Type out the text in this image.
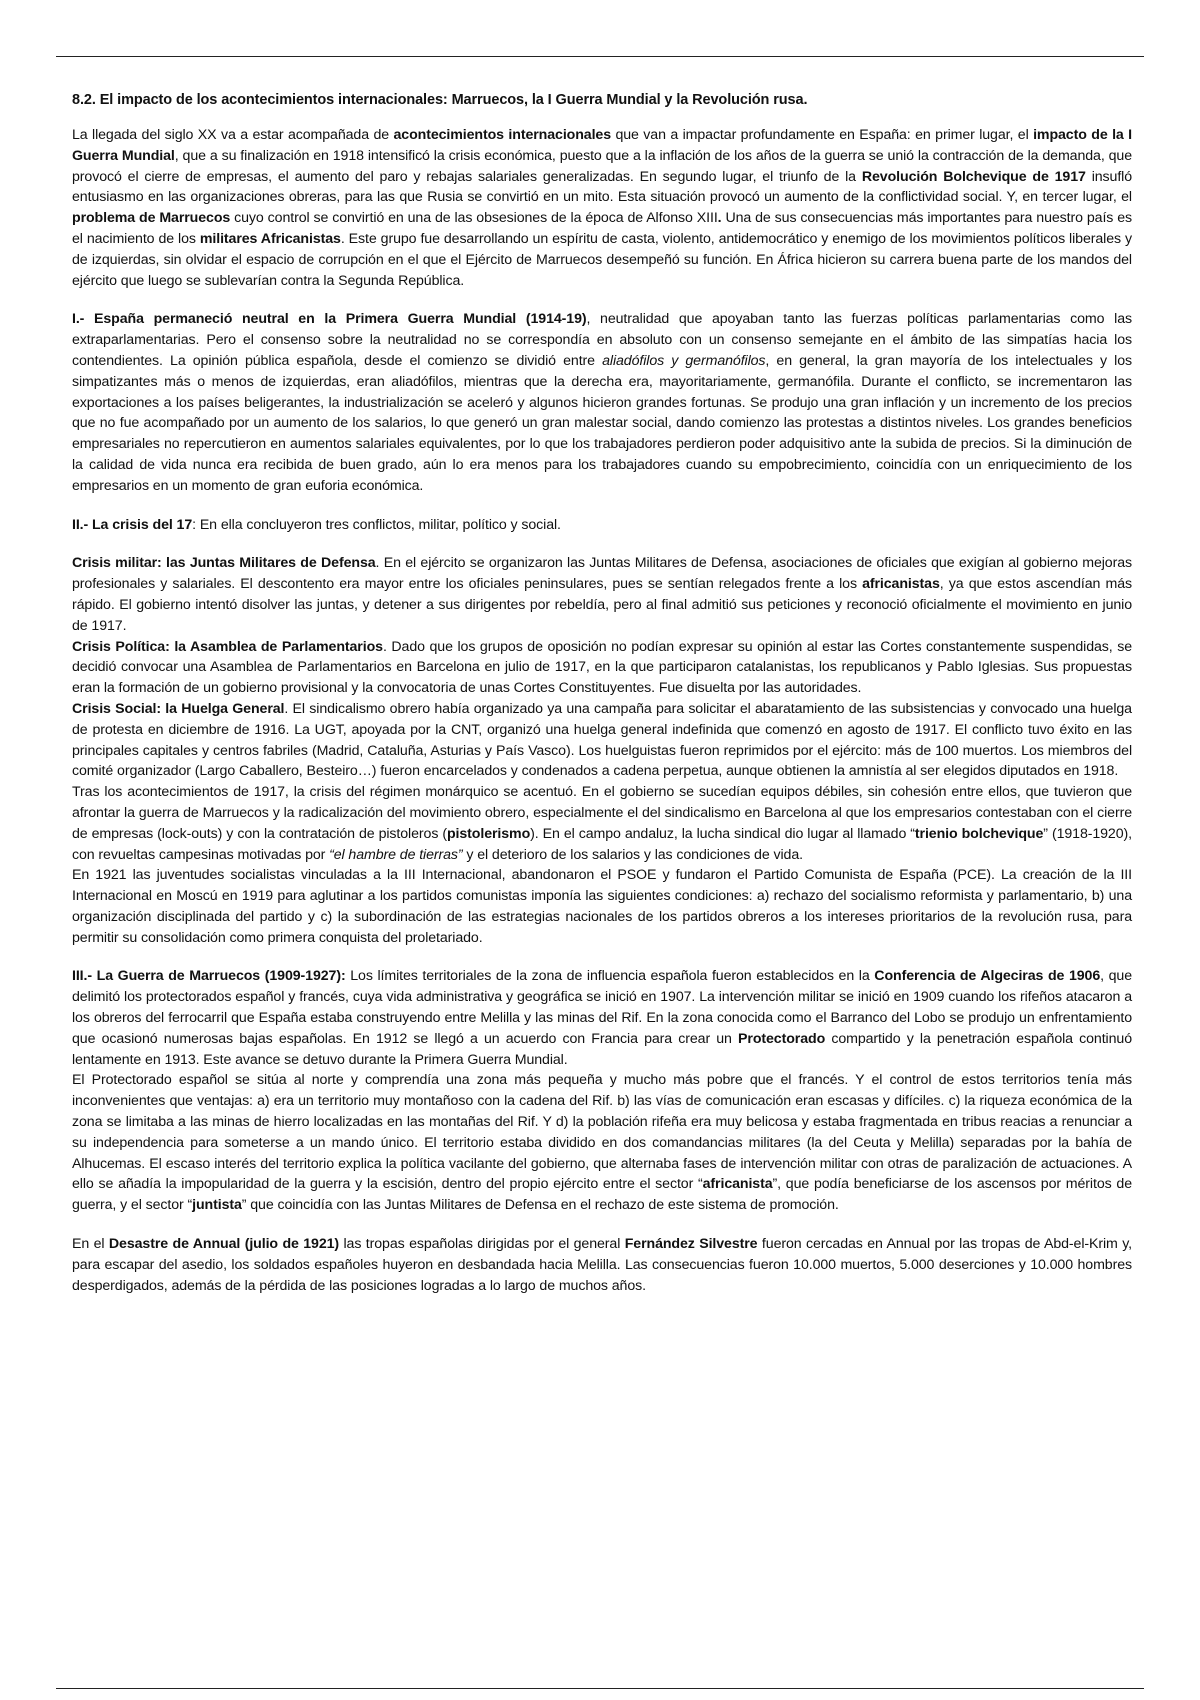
8.2. El impacto de los acontecimientos internacionales: Marruecos, la I Guerra Mundial y la Revolución rusa.

La llegada del siglo XX va a estar acompañada de acontecimientos internacionales que van a impactar profundamente en España: en primer lugar, el impacto de la I Guerra Mundial, que a su finalización en 1918 intensificó la crisis económica, puesto que a la inflación de los años de la guerra se unió la contracción de la demanda, que provocó el cierre de empresas, el aumento del paro y rebajas salariales generalizadas. En segundo lugar, el triunfo de la Revolución Bolchevique de 1917 insufló entusiasmo en las organizaciones obreras, para las que Rusia se convirtió en un mito. Esta situación provocó un aumento de la conflictividad social. Y, en tercer lugar, el problema de Marruecos cuyo control se convirtió en una de las obsesiones de la época de Alfonso XIII. Una de sus consecuencias más importantes para nuestro país es el nacimiento de los militares Africanistas. Este grupo fue desarrollando un espíritu de casta, violento, antidemocrático y enemigo de los movimientos políticos liberales y de izquierdas, sin olvidar el espacio de corrupción en el que el Ejército de Marruecos desempeñó su función. En África hicieron su carrera buena parte de los mandos del ejército que luego se sublevarían contra la Segunda República.

I.- España permaneció neutral en la Primera Guerra Mundial (1914-19), neutralidad que apoyaban tanto las fuerzas políticas parlamentarias como las extraparlamentarias. Pero el consenso sobre la neutralidad no se correspondía en absoluto con un consenso semejante en el ámbito de las simpatías hacia los contendientes. La opinión pública española, desde el comienzo se dividió entre aliadófilos y germanófilos, en general, la gran mayoría de los intelectuales y los simpatizantes más o menos de izquierdas, eran aliadófilos, mientras que la derecha era, mayoritariamente, germanófila. Durante el conflicto, se incrementaron las exportaciones a los países beligerantes, la industrialización se aceleró y algunos hicieron grandes fortunas. Se produjo una gran inflación y un incremento de los precios que no fue acompañado por un aumento de los salarios, lo que generó un gran malestar social, dando comienzo las protestas a distintos niveles. Los grandes beneficios empresariales no repercutieron en aumentos salariales equivalentes, por lo que los trabajadores perdieron poder adquisitivo ante la subida de precios. Si la diminución de la calidad de vida nunca era recibida de buen grado, aún lo era menos para los trabajadores cuando su empobrecimiento, coincidía con un enriquecimiento de los empresarios en un momento de gran euforia económica.

II.- La crisis del 17: En ella concluyeron tres conflictos, militar, político y social.

Crisis militar: las Juntas Militares de Defensa. En el ejército se organizaron las Juntas Militares de Defensa, asociaciones de oficiales que exigían al gobierno mejoras profesionales y salariales. El descontento era mayor entre los oficiales peninsulares, pues se sentían relegados frente a los africanistas, ya que estos ascendían más rápido. El gobierno intentó disolver las juntas, y detener a sus dirigentes por rebeldía, pero al final admitió sus peticiones y reconoció oficialmente el movimiento en junio de 1917.

Crisis Política: la Asamblea de Parlamentarios. Dado que los grupos de oposición no podían expresar su opinión al estar las Cortes constantemente suspendidas, se decidió convocar una Asamblea de Parlamentarios en Barcelona en julio de 1917, en la que participaron catalanistas, los republicanos y Pablo Iglesias. Sus propuestas eran la formación de un gobierno provisional y la convocatoria de unas Cortes Constituyentes. Fue disuelta por las autoridades.

Crisis Social: la Huelga General. El sindicalismo obrero había organizado ya una campaña para solicitar el abaratamiento de las subsistencias y convocado una huelga de protesta en diciembre de 1916. La UGT, apoyada por la CNT, organizó una huelga general indefinida que comenzó en agosto de 1917. El conflicto tuvo éxito en las principales capitales y centros fabriles (Madrid, Cataluña, Asturias y País Vasco). Los huelguistas fueron reprimidos por el ejército: más de 100 muertos. Los miembros del comité organizador (Largo Caballero, Besteiro…) fueron encarcelados y condenados a cadena perpetua, aunque obtienen la amnistía al ser elegidos diputados en 1918.

Tras los acontecimientos de 1917, la crisis del régimen monárquico se acentuó. En el gobierno se sucedían equipos débiles, sin cohesión entre ellos, que tuvieron que afrontar la guerra de Marruecos y la radicalización del movimiento obrero, especialmente el del sindicalismo en Barcelona al que los empresarios contestaban con el cierre de empresas (lock-outs) y con la contratación de pistoleros (pistolerismo). En el campo andaluz, la lucha sindical dio lugar al llamado “trienio bolchevique” (1918-1920), con revueltas campesinas motivadas por “el hambre de tierras” y el deterioro de los salarios y las condiciones de vida.

En 1921 las juventudes socialistas vinculadas a la III Internacional, abandonaron el PSOE y fundaron el Partido Comunista de España (PCE). La creación de la III Internacional en Moscú en 1919 para aglutinar a los partidos comunistas imponía las siguientes condiciones: a) rechazo del socialismo reformista y parlamentario, b) una organización disciplinada del partido y c) la subordinación de las estrategias nacionales de los partidos obreros a los intereses prioritarios de la revolución rusa, para permitir su consolidación como primera conquista del proletariado.

III.- La Guerra de Marruecos (1909-1927): Los límites territoriales de la zona de influencia española fueron establecidos en la Conferencia de Algeciras de 1906, que delimitó los protectorados español y francés, cuya vida administrativa y geográfica se inició en 1907. La intervención militar se inició en 1909 cuando los rifeños atacaron a los obreros del ferrocarril que España estaba construyendo entre Melilla y las minas del Rif. En la zona conocida como el Barranco del Lobo se produjo un enfrentamiento que ocasionó numerosas bajas españolas. En 1912 se llegó a un acuerdo con Francia para crear un Protectorado compartido y la penetración española continuó lentamente en 1913. Este avance se detuvo durante la Primera Guerra Mundial.

El Protectorado español se sitúa al norte y comprendía una zona más pequeña y mucho más pobre que el francés. Y el control de estos territorios tenía más inconvenientes que ventajas: a) era un territorio muy montañoso con la cadena del Rif. b) las vías de comunicación eran escasas y difíciles. c) la riqueza económica de la zona se limitaba a las minas de hierro localizadas en las montañas del Rif. Y d) la población rifeña era muy belicosa y estaba fragmentada en tribus reacias a renunciar a su independencia para someterse a un mando único. El territorio estaba dividido en dos comandancias militares (la del Ceuta y Melilla) separadas por la bahía de Alhucemas. El escaso interés del territorio explica la política vacilante del gobierno, que alternaba fases de intervención militar con otras de paralización de actuaciones. A ello se añadía la impopularidad de la guerra y la escisión, dentro del propio ejército entre el sector “africanista”, que podía beneficiarse de los ascensos por méritos de guerra, y el sector “juntista” que coincidía con las Juntas Militares de Defensa en el rechazo de este sistema de promoción.

En el Desastre de Annual (julio de 1921) las tropas españolas dirigidas por el general Fernández Silvestre fueron cercadas en Annual por las tropas de Abd-el-Krim y, para escapar del asedio, los soldados españoles huyeron en desbandada hacia Melilla. Las consecuencias fueron 10.000 muertos, 5.000 deserciones y 10.000 hombres desperdigados, además de la pérdida de las posiciones logradas a lo largo de muchos años.
